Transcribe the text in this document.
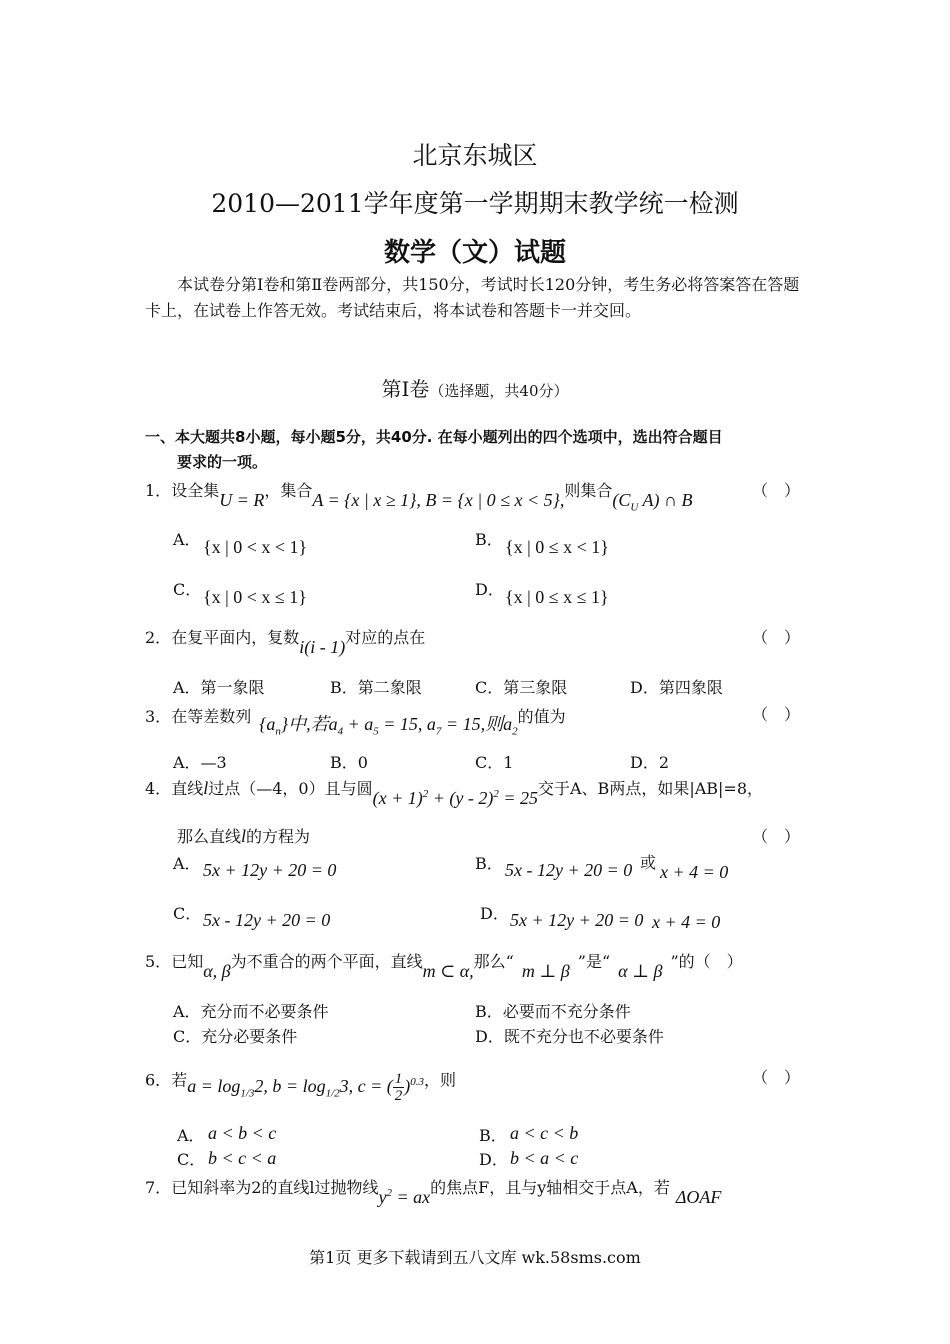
北京东城区
2010—2011学年度第一学期期末教学统一检测
数学（文）试题
本试卷分第Ⅰ卷和第Ⅱ卷两部分，共150分，考试时长120分钟，考生务必将答案答在答题卡上，在试卷上作答无效。考试结束后，将本试卷和答题卡一并交回。
第Ⅰ卷（选择题，共40分）
一、本大题共8小题，每小题5分，共40分. 在每小题列出的四个选项中，选出符合题目
要求的一项。
1．设全集U = R，集合A = {x | x ≥ 1}, B = {x | 0 ≤ x < 5},则集合($C_U$ A) ∩ B	（　）
A． {x | 0 < x < 1}	B． {x | 0 ≤ x < 1}
C． {x | 0 < x ≤ 1}	D． {x | 0 ≤ x ≤ 1}
2．在复平面内，复数i(i - 1)对应的点在	（　）
A．第一象限	B．第二象限	C．第三象限	D．第四象限
3．在等差数列 $\{a_n\}$中,若$a_4 + a_5 = 15$, $a_7 = 15$,则$a_2$的值为	（　）
A．—3	B．0	C．1	D．2
4．直线l过点（—4，0）且与圆$(x + 1)^2 + (y - 2)^2 = 25$交于A、B两点，如果|AB|=8，
那么直线l的方程为	（　）
A． 5x + 12y + 20 = 0	B． 5x - 12y + 20 = 0 或 x + 4 = 0
C． 5x - 12y + 20 = 0	D． 5x + 12y + 20 = 0 x + 4 = 0
5．已知α, β为不重合的两个平面，直线m ⊂ α,那么“ m ⊥ β ”是“ α ⊥ β ”的（　）
A．充分而不必要条件	B．必要而不充分条件
C．充分必要条件	D．既不充分也不必要条件
6．若$a = \log_{1/3}2$, $b = \log_{1/2}3$, c = ( $\frac{1}{2} )^{0.3}$，则	（　）
A． a < b < c	B． a < c < b
C． b < c < a	D． b < a < c
7．已知斜率为2的直线l过抛物线$y^2$ = ax的焦点F，且与y轴相交于点A，若 ΔOAF
第1页 更多下载请到五八文库 wk.58sms.com
